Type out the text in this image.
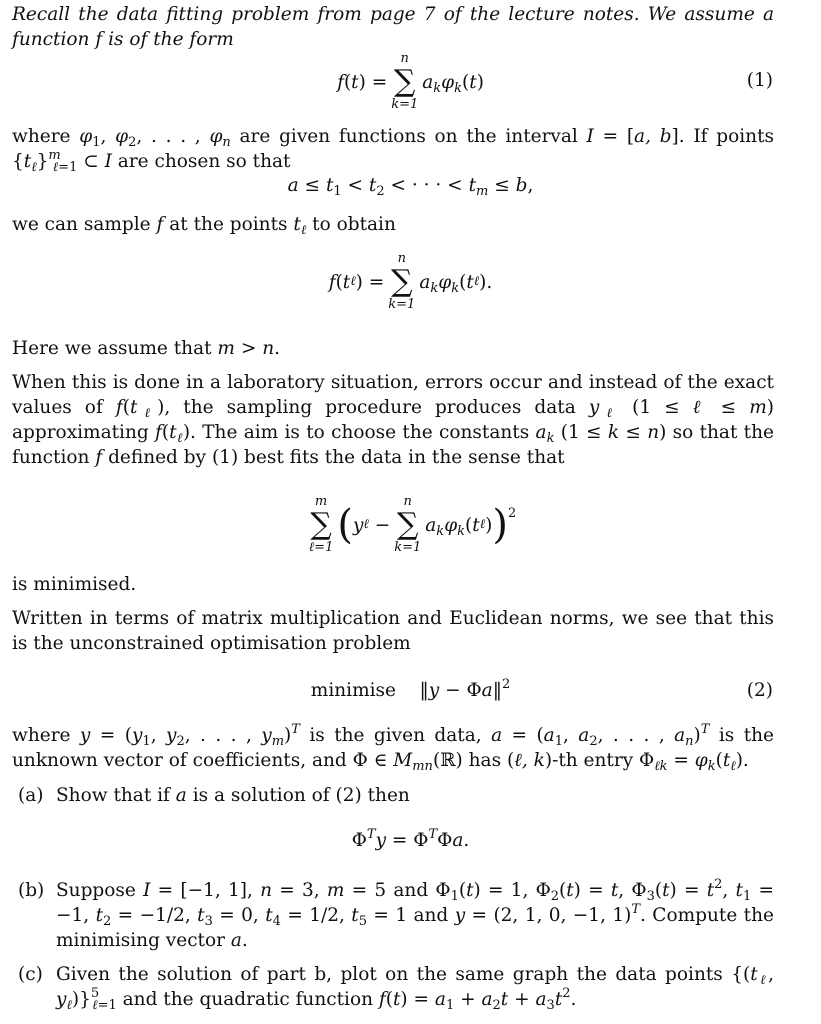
Recall the data fitting problem from page 7 of the lecture notes. We assume a function f is of the form

f ( t ) =
n
∑
k=1
$a_k\varphi_k$ ( t )	(1)

where $\varphi_1$, $\varphi_2$, . . . , $\varphi_n$ are given functions on the interval I = [a, b]. If points $\{t_\ell\}^m_{\ell=1}$ ⊂ I are chosen so that

$a \le t_1 < t_2$ < · · · < $t_m \le b$,

we can sample f at the points $t_\ell$ to obtain

f ( t ℓ ) =
n
∑
k=1
$a_k\varphi_k$ ( t ℓ ).

Here we assume that m > n.

When this is done in a laboratory situation, errors occur and instead of the exact values of $f(t_\ell)$, the sampling procedure produces data $y_\ell$ (1 ≤ ℓ ≤ m) approximating $f(t_\ell)$. The aim is to choose the constants $a_k$ (1 ≤ k ≤ n) so that the function f defined by (1) best fits the data in the sense that

m
∑
ℓ=1 ( y ℓ −
n
∑
k=1
$a_k\varphi_k$ ( t ℓ ) ) 2

is minimised.

Written in terms of matrix multiplication and Euclidean norms, we see that this is the unconstrained optimisation problem

minimise    ‖y − Φa‖$^2$	(2)

where $y = (y_1$, $y_2$, . . . , $y_m)^T$ is the given data, $a = (a_1$, $a_2$, . . . , $a_n)^T$ is the unknown vector of coefficients, and Φ ∈ $M_{mn}(ℝ)$ has (ℓ, k)-th entry $\Phi_{\ell k} = \varphi_k(t_\ell)$.

(a) Show that if a is a solution of (2) then
$\Phi^Ty = \Phi^T\Phi a$.
(b) Suppose I = [−1, 1], n = 3, m = 5 and $\Phi_1(t) = 1$, $\Phi_2(t) = t$, $\Phi_3(t) = t^2$, $t_1 = -1$, $t_2 = -1/2$, $t_3 = 0$, $t_4 = 1/2$, $t_5 = 1$ and y = (2, 1, 0, −1, 1)$^T$. Compute the minimising vector a.
(c) Given the solution of part b, plot on the same graph the data points {($t_\ell$, $y_\ell)\}^5_{\ell=1}$ and the quadratic function $f(t) = a_1 + a_2t + a_3t^2$.
